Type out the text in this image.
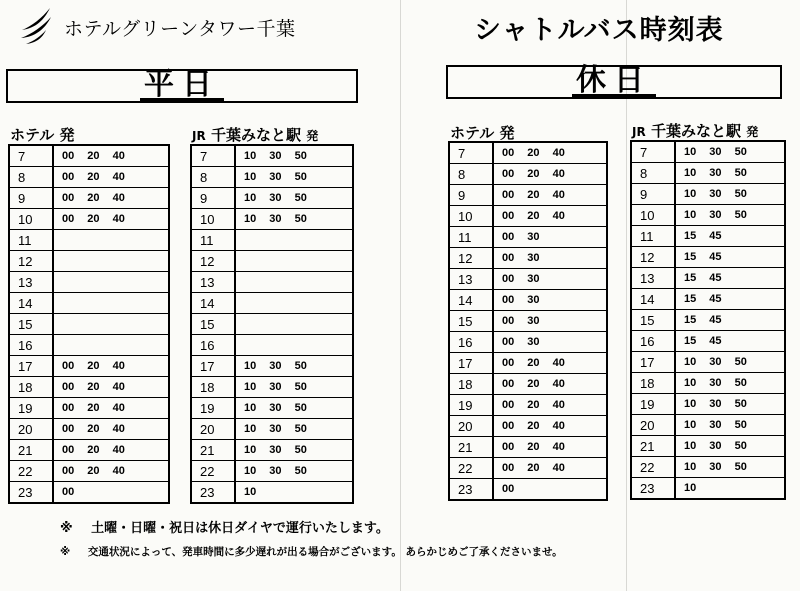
ホテルグリーンタワー千葉	シャトルバス時刻表
平日
ホテル 発	JR 千葉みなと駅 発
7	00 20 40
8	00 20 40
9	00 20 40
10	00 20 40
11	
12	
13	
14	
15	
16	
17	00 20 40
18	00 20 40
19	00 20 40
20	00 20 40
21	00 20 40
22	00 20 40
23	00
7	10 30 50
8	10 30 50
9	10 30 50
10	10 30 50
11	
12	
13	
14	
15	
16	
17	10 30 50
18	10 30 50
19	10 30 50
20	10 30 50
21	10 30 50
22	10 30 50
23	10
休日
ホテル 発	JR 千葉みなと駅 発
7	00 20 40
8	00 20 40
9	00 20 40
10	00 20 40
11	00 30
12	00 30
13	00 30
14	00 30
15	00 30
16	00 30
17	00 20 40
18	00 20 40
19	00 20 40
20	00 20 40
21	00 20 40
22	00 20 40
23	00
7	10 30 50
8	10 30 50
9	10 30 50
10	10 30 50
11	15 45
12	15 45
13	15 45
14	15 45
15	15 45
16	15 45
17	10 30 50
18	10 30 50
19	10 30 50
20	10 30 50
21	10 30 50
22	10 30 50
23	10
※ 土曜・日曜・祝日は休日ダイヤで運行いたします。
※ 交通状況によって、発車時間に多少遅れが出る場合がございます。 あらかじめご了承くださいませ。
